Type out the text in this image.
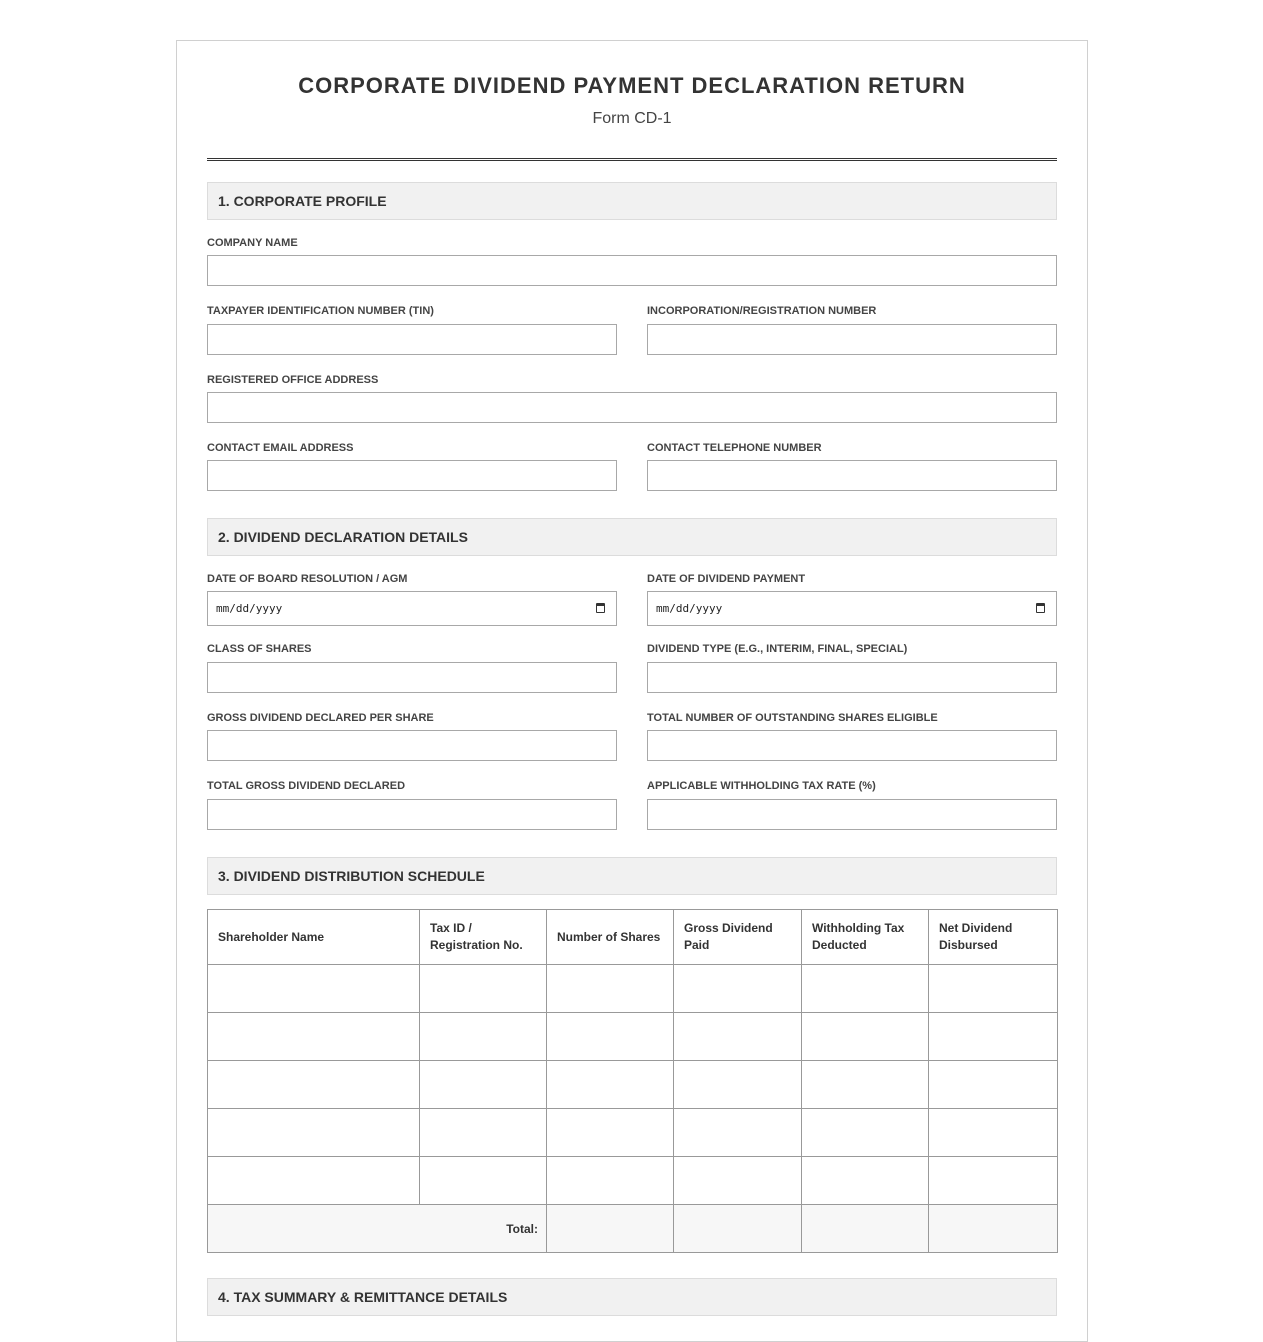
CORPORATE DIVIDEND PAYMENT DECLARATION RETURN

Form CD-1

1. CORPORATE PROFILE
COMPANY NAME
TAXPAYER IDENTIFICATION NUMBER (TIN)	INCORPORATION/REGISTRATION NUMBER
REGISTERED OFFICE ADDRESS
CONTACT EMAIL ADDRESS	CONTACT TELEPHONE NUMBER
2. DIVIDEND DECLARATION DETAILS
DATE OF BOARD RESOLUTION / AGM
mm/dd/yyyy
DATE OF DIVIDEND PAYMENT
mm/dd/yyyy
CLASS OF SHARES	DIVIDEND TYPE (E.G., INTERIM, FINAL, SPECIAL)
GROSS DIVIDEND DECLARED PER SHARE	TOTAL NUMBER OF OUTSTANDING SHARES ELIGIBLE
TOTAL GROSS DIVIDEND DECLARED	APPLICABLE WITHHOLDING TAX RATE (%)
3. DIVIDEND DISTRIBUTION SCHEDULE
Shareholder Name	Tax ID / Registration No.	Number of Shares	Gross Dividend Paid	Withholding Tax Deducted	Net Dividend Disbursed

Total:					
4. TAX SUMMARY & REMITTANCE DETAILS
